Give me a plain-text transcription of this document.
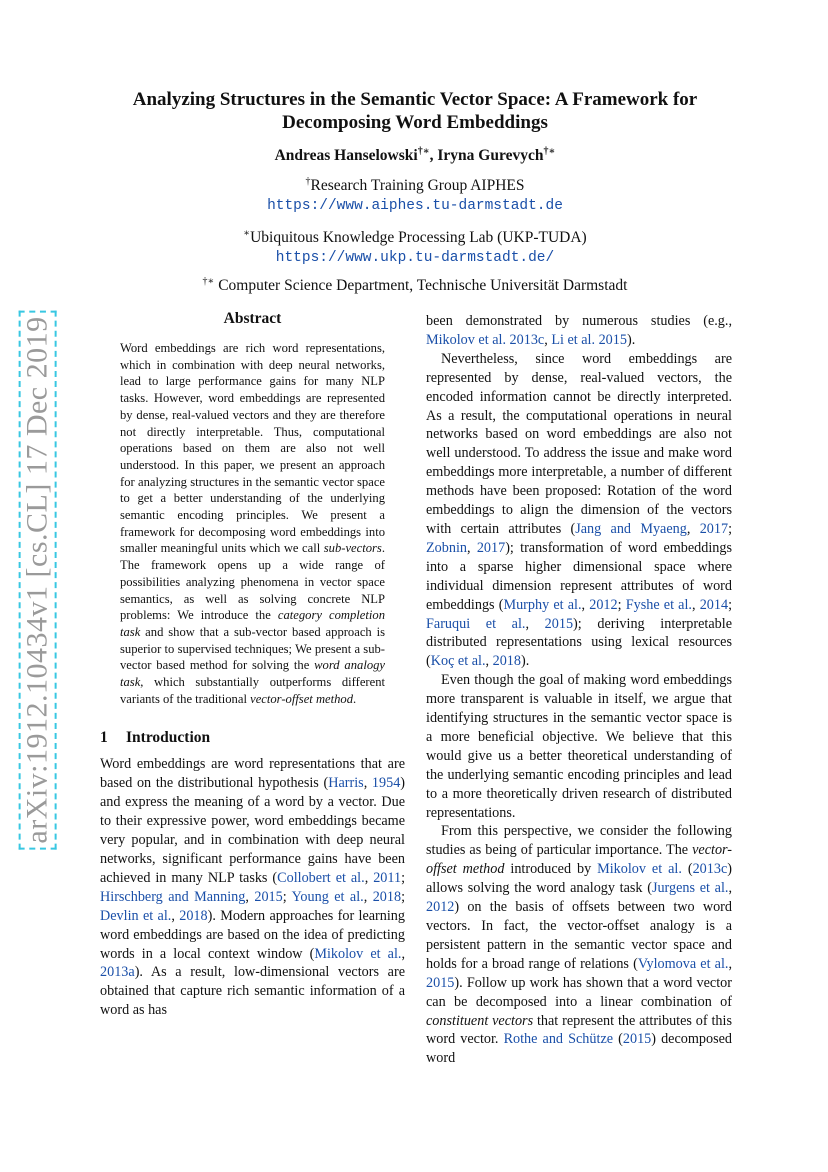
arXiv:1912.10434v1 [cs.CL] 17 Dec 2019
Analyzing Structures in the Semantic Vector Space: A Framework for
Decomposing Word Embeddings
Andreas Hanselowski†∗, Iryna Gurevych†∗
†Research Training Group AIPHES
https://www.aiphes.tu-darmstadt.de
∗Ubiquitous Knowledge Processing Lab (UKP-TUDA)
https://www.ukp.tu-darmstadt.de/
†∗ Computer Science Department, Technische Universität Darmstadt
Abstract

Word embeddings are rich word representations, which in combination with deep neural networks, lead to large performance gains for many NLP tasks. However, word embeddings are represented by dense, real-valued vectors and they are therefore not directly interpretable. Thus, computational operations based on them are also not well understood. In this paper, we present an approach for analyzing structures in the semantic vector space to get a better understanding of the underlying semantic encoding principles. We present a framework for decomposing word embeddings into smaller meaningful units which we call sub-vectors. The framework opens up a wide range of possibilities analyzing phenomena in vector space semantics, as well as solving concrete NLP problems: We introduce the category completion task and show that a sub-vector based approach is superior to supervised techniques; We present a sub-vector based method for solving the word analogy task, which substantially outperforms different variants of the traditional vector-offset method.

1 Introduction

Word embeddings are word representations that are based on the distributional hypothesis (Harris, 1954) and express the meaning of a word by a vector. Due to their expressive power, word embeddings became very popular, and in combination with deep neural networks, significant performance gains have been achieved in many NLP tasks (Collobert et al., 2011; Hirschberg and Manning, 2015; Young et al., 2018; Devlin et al., 2018). Modern approaches for learning word embeddings are based on the idea of predicting words in a local context window (Mikolov et al., 2013a). As a result, low-dimensional vectors are obtained that capture rich semantic information of a word as has

been demonstrated by numerous studies (e.g., Mikolov et al. 2013c, Li et al. 2015).

Nevertheless, since word embeddings are represented by dense, real-valued vectors, the encoded information cannot be directly interpreted. As a result, the computational operations in neural networks based on word embeddings are also not well understood. To address the issue and make word embeddings more interpretable, a number of different methods have been proposed: Rotation of the word embeddings to align the dimension of the vectors with certain attributes (Jang and Myaeng, 2017; Zobnin, 2017); transformation of word embeddings into a sparse higher dimensional space where individual dimension represent attributes of word embeddings (Murphy et al., 2012; Fyshe et al., 2014; Faruqui et al., 2015); deriving interpretable distributed representations using lexical resources (Koç et al., 2018).

Even though the goal of making word embeddings more transparent is valuable in itself, we argue that identifying structures in the semantic vector space is a more beneficial objective. We believe that this would give us a better theoretical understanding of the underlying semantic encoding principles and lead to a more theoretically driven research of distributed representations.

From this perspective, we consider the following studies as being of particular importance. The vector-offset method introduced by Mikolov et al. (2013c) allows solving the word analogy task (Jurgens et al., 2012) on the basis of offsets between two word vectors. In fact, the vector-offset analogy is a persistent pattern in the semantic vector space and holds for a broad range of relations (Vylomova et al., 2015). Follow up work has shown that a word vector can be decomposed into a linear combination of constituent vectors that represent the attributes of this word vector. Rothe and Schütze (2015) decomposed word
